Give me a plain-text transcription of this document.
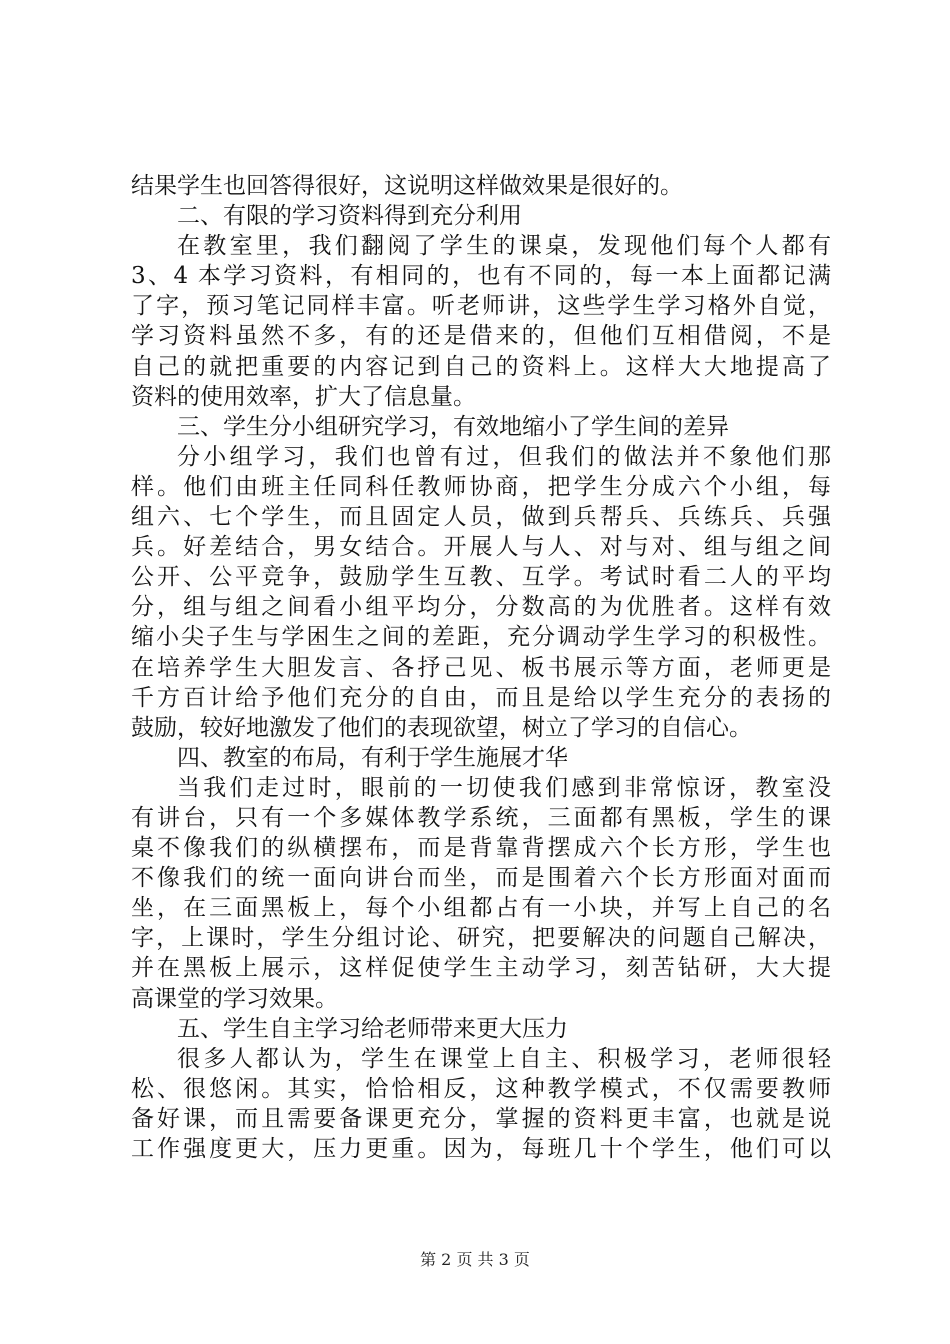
结果学生也回答得很好，这说明这样做效果是很好的。
二、有限的学习资料得到充分利用
在教室里，我们翻阅了学生的课桌，发现他们每个人都有
3、4 本学习资料，有相同的，也有不同的，每一本上面都记满
了字，预习笔记同样丰富。听老师讲，这些学生学习格外自觉，
学习资料虽然不多，有的还是借来的，但他们互相借阅，不是
自己的就把重要的内容记到自己的资料上。这样大大地提高了
资料的使用效率，扩大了信息量。
三、学生分小组研究学习，有效地缩小了学生间的差异
分小组学习，我们也曾有过，但我们的做法并不象他们那
样。他们由班主任同科任教师协商，把学生分成六个小组，每
组六、七个学生，而且固定人员，做到兵帮兵、兵练兵、兵强
兵。好差结合，男女结合。开展人与人、对与对、组与组之间
公开、公平竞争，鼓励学生互教、互学。考试时看二人的平均
分，组与组之间看小组平均分，分数高的为优胜者。这样有效
缩小尖子生与学困生之间的差距，充分调动学生学习的积极性。
在培养学生大胆发言、各抒己见、板书展示等方面，老师更是
千方百计给予他们充分的自由，而且是给以学生充分的表扬的
鼓励，较好地激发了他们的表现欲望，树立了学习的自信心。
四、教室的布局，有利于学生施展才华
当我们走过时，眼前的一切使我们感到非常惊讶，教室没
有讲台，只有一个多媒体教学系统，三面都有黑板，学生的课
桌不像我们的纵横摆布，而是背靠背摆成六个长方形，学生也
不像我们的统一面向讲台而坐，而是围着六个长方形面对面而
坐，在三面黑板上，每个小组都占有一小块，并写上自己的名
字，上课时，学生分组讨论、研究，把要解决的问题自己解决，
并在黑板上展示，这样促使学生主动学习，刻苦钻研，大大提
高课堂的学习效果。
五、学生自主学习给老师带来更大压力
很多人都认为，学生在课堂上自主、积极学习，老师很轻
松、很悠闲。其实，恰恰相反，这种教学模式，不仅需要教师
备好课，而且需要备课更充分，掌握的资料更丰富，也就是说
工作强度更大，压力更重。因为，每班几十个学生，他们可以
第 2 页 共 3 页
